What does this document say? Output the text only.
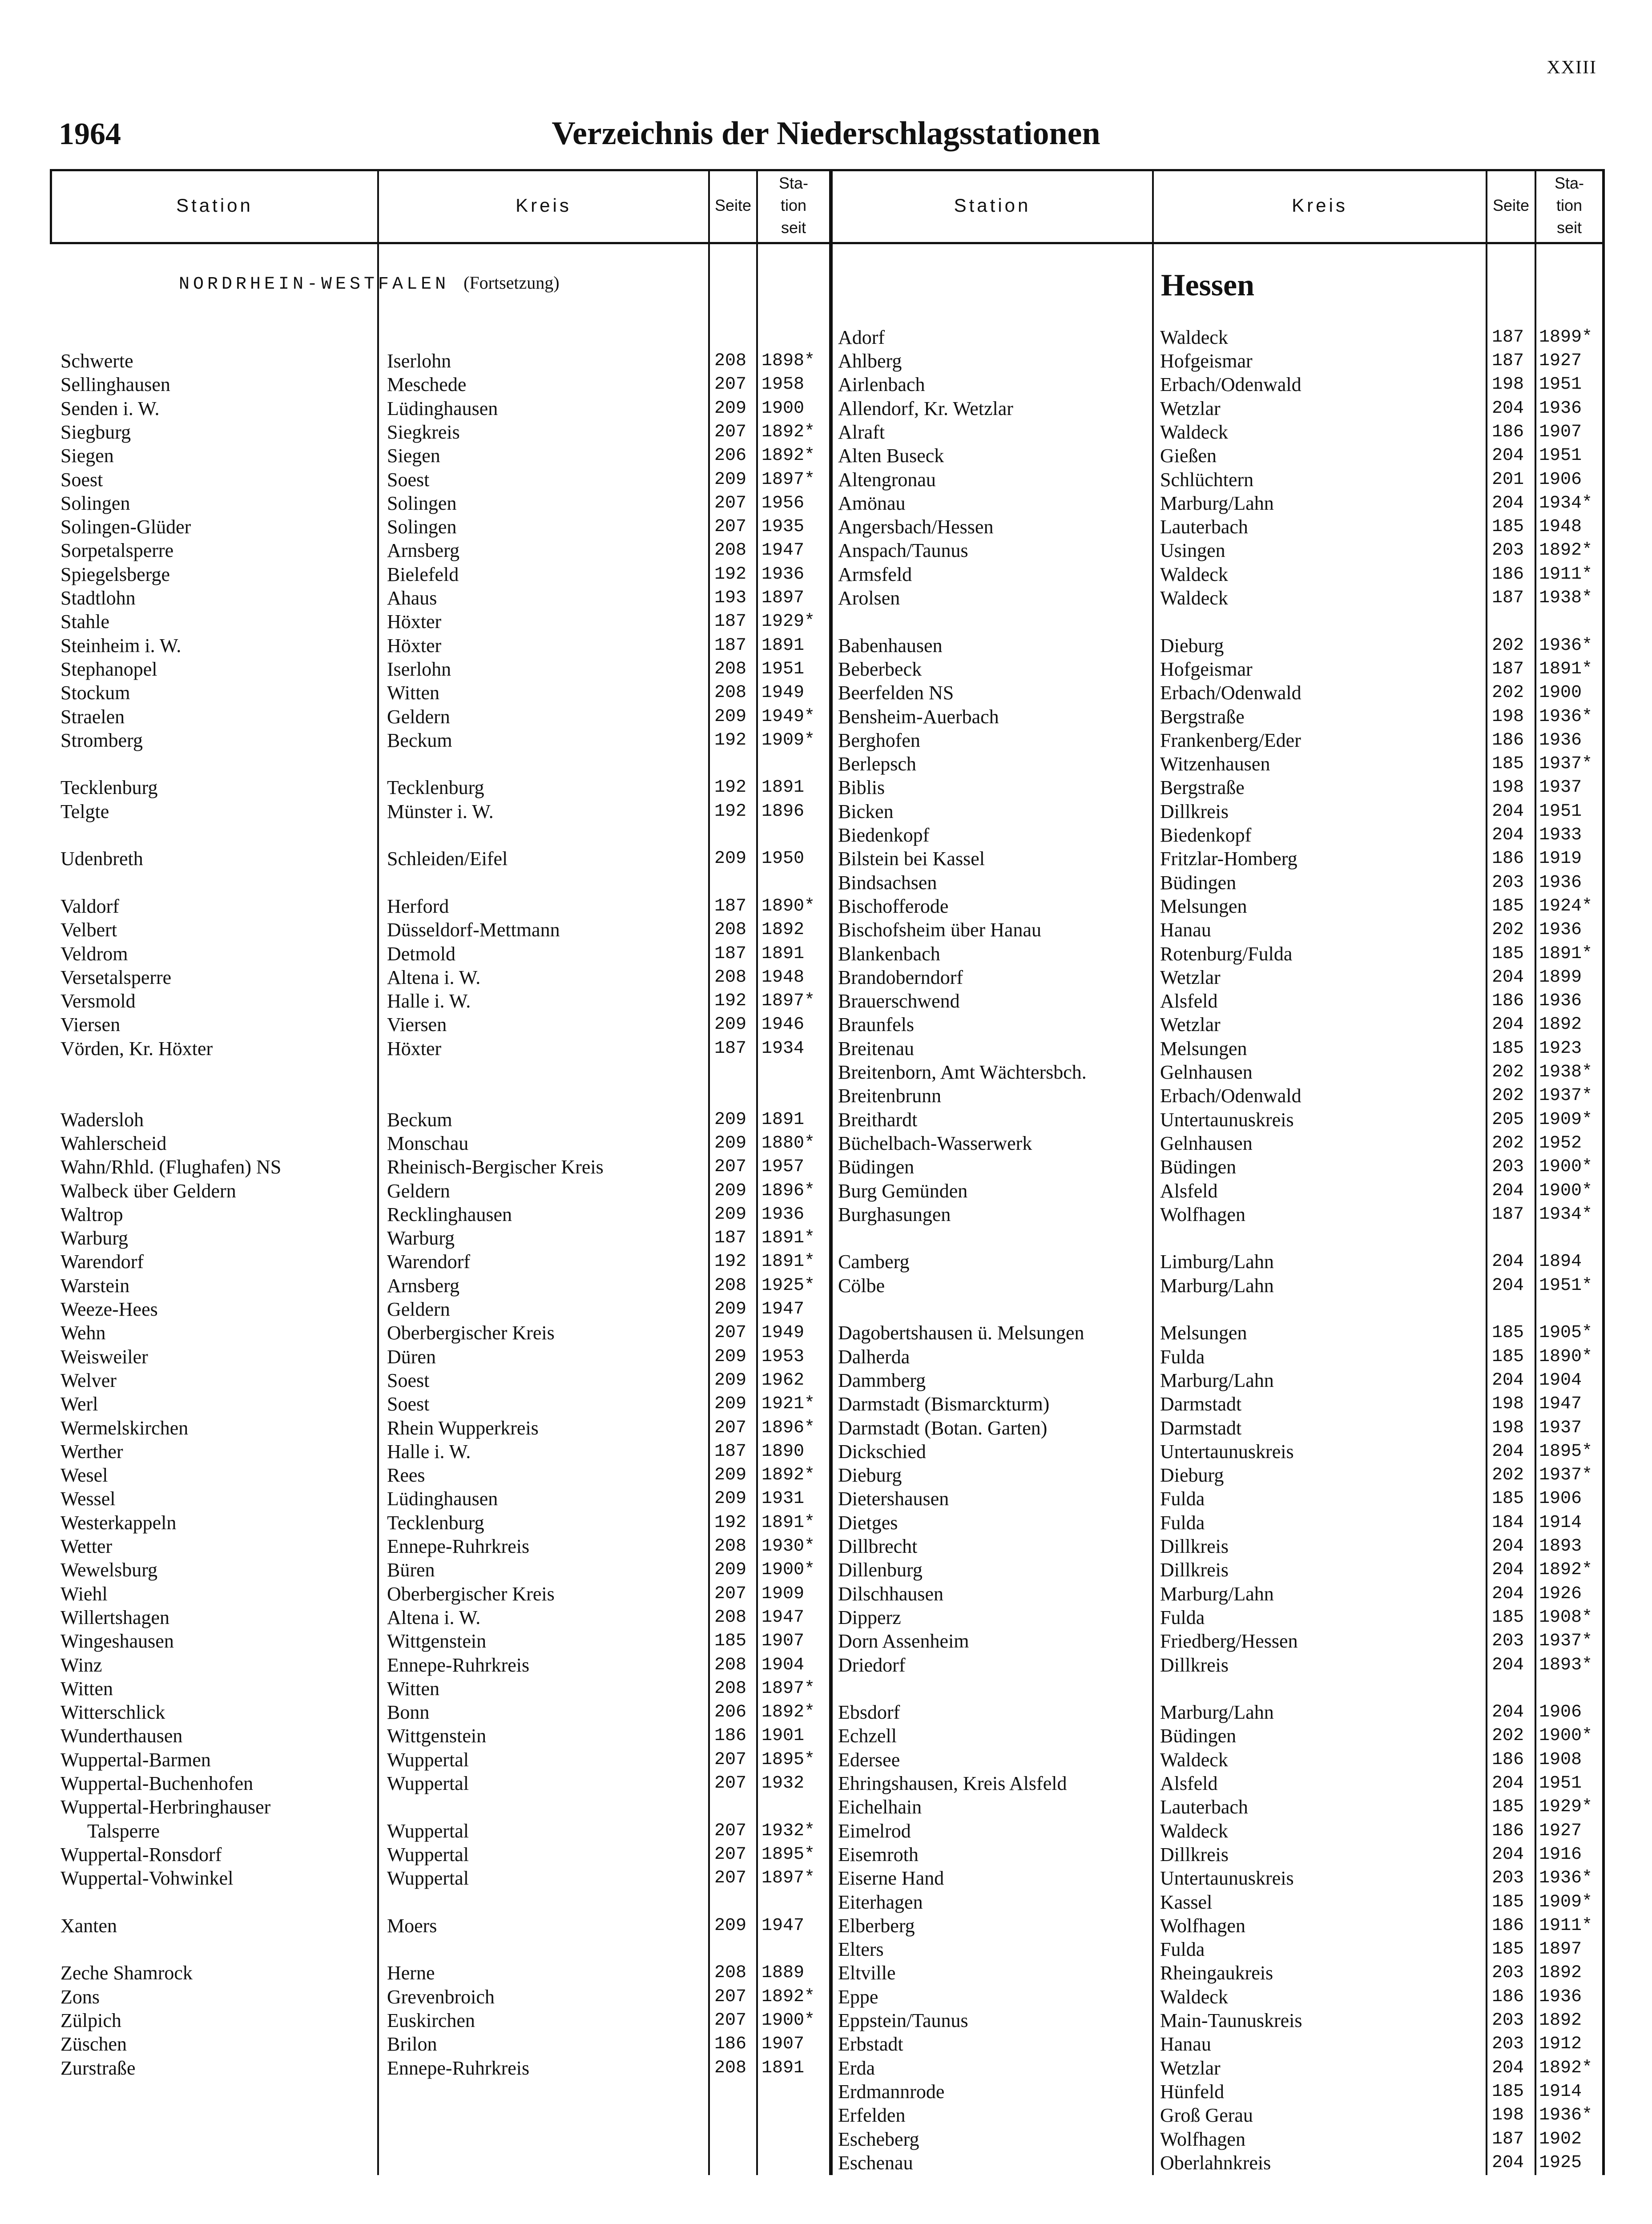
XXIII
1964	Verzeichnis der Niederschlagsstationen
Station	Kreis	Seite
Sta-
tion
seit
Station	Kreis	Seite
Sta-
tion
seit
NORDRHEIN-WESTFALEN (Fortsetzung)	Hessen
Schwerte	Iserlohn	208 1898*
Sellinghausen	Meschede	207 1958
Senden i. W.	Lüdinghausen	209 1900
Siegburg	Siegkreis	207 1892*
Siegen	Siegen	206 1892*
Soest	Soest	209 1897*
Solingen	Solingen	207 1956
Solingen-Glüder	Solingen	207 1935
Sorpetalsperre	Arnsberg	208 1947
Spiegelsberge	Bielefeld	192 1936
Stadtlohn	Ahaus	193 1897
Stahle	Höxter	187 1929*
Steinheim i. W.	Höxter	187 1891
Stephanopel	Iserlohn	208 1951
Stockum	Witten	208 1949
Straelen	Geldern	209 1949*
Stromberg	Beckum	192 1909*
Tecklenburg	Tecklenburg	192 1891
Telgte	Münster i. W.	192 1896
Udenbreth	Schleiden/Eifel	209 1950
Valdorf	Herford	187 1890*
Velbert	Düsseldorf-Mettmann	208 1892
Veldrom	Detmold	187 1891
Versetalsperre	Altena i. W.	208 1948
Versmold	Halle i. W.	192 1897*
Viersen	Viersen	209 1946
Vörden, Kr. Höxter	Höxter	187 1934
Wadersloh	Beckum	209 1891
Wahlerscheid	Monschau	209 1880*
Wahn/Rhld. (Flughafen) NS	Rheinisch-Bergischer Kreis	207 1957
Walbeck über Geldern	Geldern	209 1896*
Waltrop	Recklinghausen	209 1936
Warburg	Warburg	187 1891*
Warendorf	Warendorf	192 1891*
Warstein	Arnsberg	208 1925*
Weeze-Hees	Geldern	209 1947
Wehn	Oberbergischer Kreis	207 1949
Weisweiler	Düren	209 1953
Welver	Soest	209 1962
Werl	Soest	209 1921*
Wermelskirchen	Rhein Wupperkreis	207 1896*
Werther	Halle i. W.	187 1890
Wesel	Rees	209 1892*
Wessel	Lüdinghausen	209 1931
Westerkappeln	Tecklenburg	192 1891*
Wetter	Ennepe-Ruhrkreis	208 1930*
Wewelsburg	Büren	209 1900*
Wiehl	Oberbergischer Kreis	207 1909
Willertshagen	Altena i. W.	208 1947
Wingeshausen	Wittgenstein	185 1907
Winz	Ennepe-Ruhrkreis	208 1904
Witten	Witten	208 1897*
Witterschlick	Bonn	206 1892*
Wunderthausen	Wittgenstein	186 1901
Wuppertal-Barmen	Wuppertal	207 1895*
Wuppertal-Buchenhofen	Wuppertal	207 1932
Wuppertal-Herbringhauser
Talsperre	Wuppertal	207 1932*
Wuppertal-Ronsdorf	Wuppertal	207 1895*
Wuppertal-Vohwinkel	Wuppertal	207 1897*
Xanten	Moers	209 1947
Zeche Shamrock	Herne	208 1889
Zons	Grevenbroich	207 1892*
Zülpich	Euskirchen	207 1900*
Züschen	Brilon	186 1907
Zurstraße	Ennepe-Ruhrkreis	208 1891
Adorf	Waldeck	187 1899*
Ahlberg	Hofgeismar	187 1927
Airlenbach	Erbach/Odenwald	198 1951
Allendorf, Kr. Wetzlar	Wetzlar	204 1936
Alraft	Waldeck	186 1907
Alten Buseck	Gießen	204 1951
Altengronau	Schlüchtern	201 1906
Amönau	Marburg/Lahn	204 1934*
Angersbach/Hessen	Lauterbach	185 1948
Anspach/Taunus	Usingen	203 1892*
Armsfeld	Waldeck	186 1911*
Arolsen	Waldeck	187 1938*
Babenhausen	Dieburg	202 1936*
Beberbeck	Hofgeismar	187 1891*
Beerfelden NS	Erbach/Odenwald	202 1900
Bensheim-Auerbach	Bergstraße	198 1936*
Berghofen	Frankenberg/Eder	186 1936
Berlepsch	Witzenhausen	185 1937*
Biblis	Bergstraße	198 1937
Bicken	Dillkreis	204 1951
Biedenkopf	Biedenkopf	204 1933
Bilstein bei Kassel	Fritzlar-Homberg	186 1919
Bindsachsen	Büdingen	203 1936
Bischofferode	Melsungen	185 1924*
Bischofsheim über Hanau	Hanau	202 1936
Blankenbach	Rotenburg/Fulda	185 1891*
Brandoberndorf	Wetzlar	204 1899
Brauerschwend	Alsfeld	186 1936
Braunfels	Wetzlar	204 1892
Breitenau	Melsungen	185 1923
Breitenborn, Amt Wächtersbch.	Gelnhausen	202 1938*
Breitenbrunn	Erbach/Odenwald	202 1937*
Breithardt	Untertaunuskreis	205 1909*
Büchelbach-Wasserwerk	Gelnhausen	202 1952
Büdingen	Büdingen	203 1900*
Burg Gemünden	Alsfeld	204 1900*
Burghasungen	Wolfhagen	187 1934*
Camberg	Limburg/Lahn	204 1894
Cölbe	Marburg/Lahn	204 1951*
Dagobertshausen ü. Melsungen	Melsungen	185 1905*
Dalherda	Fulda	185 1890*
Dammberg	Marburg/Lahn	204 1904
Darmstadt (Bismarckturm)	Darmstadt	198 1947
Darmstadt (Botan. Garten)	Darmstadt	198 1937
Dickschied	Untertaunuskreis	204 1895*
Dieburg	Dieburg	202 1937*
Dietershausen	Fulda	185 1906
Dietges	Fulda	184 1914
Dillbrecht	Dillkreis	204 1893
Dillenburg	Dillkreis	204 1892*
Dilschhausen	Marburg/Lahn	204 1926
Dipperz	Fulda	185 1908*
Dorn Assenheim	Friedberg/Hessen	203 1937*
Driedorf	Dillkreis	204 1893*
Ebsdorf	Marburg/Lahn	204 1906
Echzell	Büdingen	202 1900*
Edersee	Waldeck	186 1908
Ehringshausen, Kreis Alsfeld	Alsfeld	204 1951
Eichelhain	Lauterbach	185 1929*
Eimelrod	Waldeck	186 1927
Eisemroth	Dillkreis	204 1916
Eiserne Hand	Untertaunuskreis	203 1936*
Eiterhagen	Kassel	185 1909*
Elberberg	Wolfhagen	186 1911*
Elters	Fulda	185 1897
Eltville	Rheingaukreis	203 1892
Eppe	Waldeck	186 1936
Eppstein/Taunus	Main-Taunuskreis	203 1892
Erbstadt	Hanau	203 1912
Erda	Wetzlar	204 1892*
Erdmannrode	Hünfeld	185 1914
Erfelden	Groß Gerau	198 1936*
Escheberg	Wolfhagen	187 1902
Eschenau	Oberlahnkreis	204 1925
